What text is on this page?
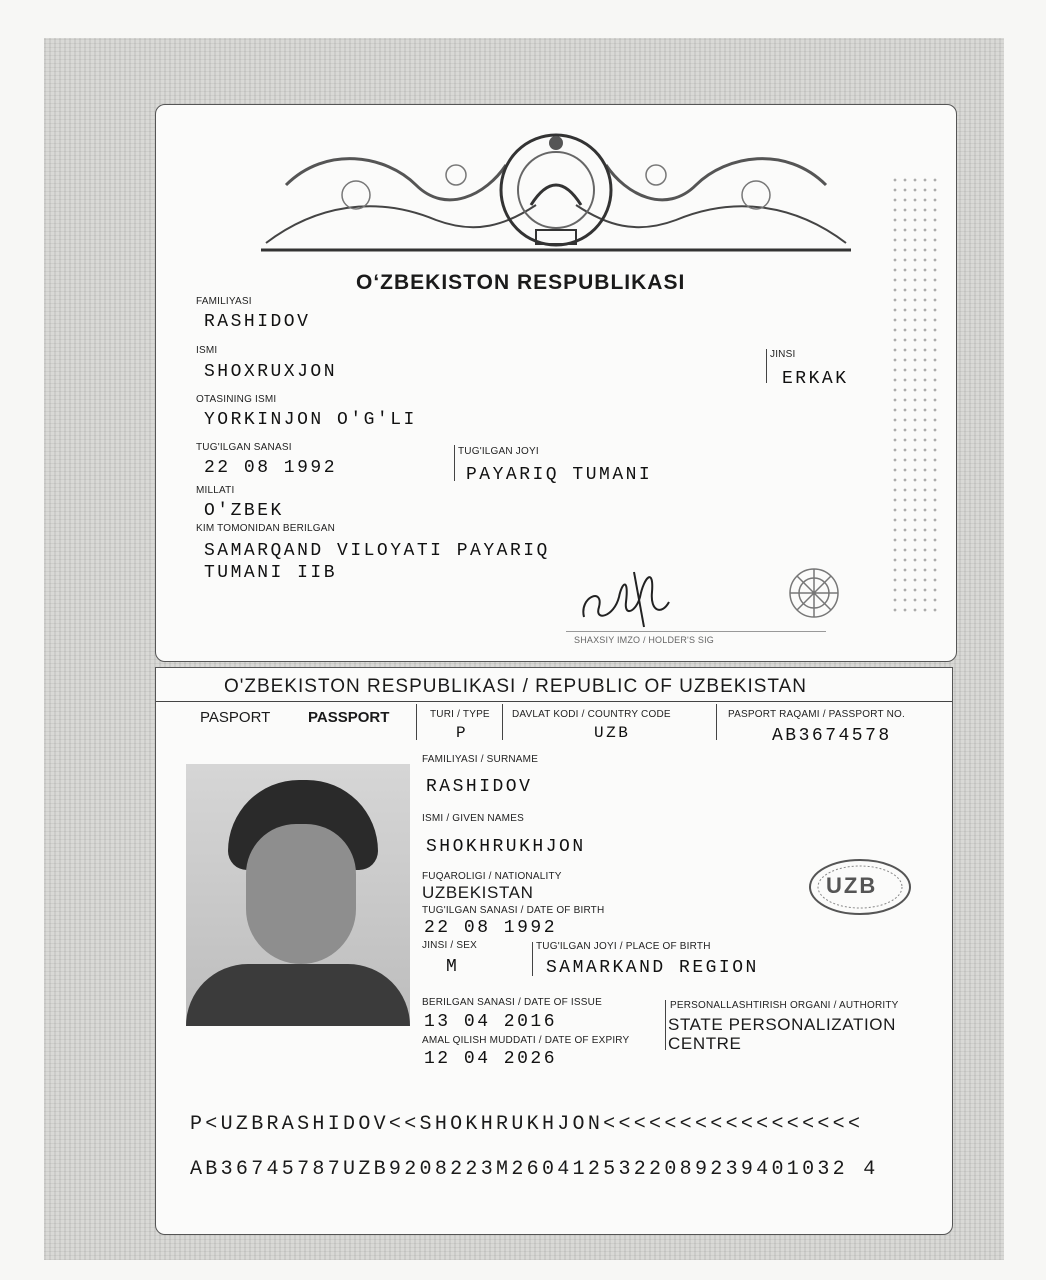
O‘ZBEKISTON RESPUBLIKASI
FAMILIYASI
RASHIDOV
ISMI
SHOXRUXJON
JINSI
ERKAK
OTASINING ISMI
YORKINJON O'G'LI
TUG'ILGAN SANASI
22 08 1992
TUG'ILGAN JOYI
PAYARIQ TUMANI
MILLATI
O'ZBEK
KIM TOMONIDAN BERILGAN
SAMARQAND VILOYATI PAYARIQ
TUMANI IIB
SHAXSIY IMZO / HOLDER'S SIG
O'ZBEKISTON RESPUBLIKASI / REPUBLIC OF UZBEKISTAN
PASPORT	PASSPORT	TURI / TYPE
P
DAVLAT KODI / COUNTRY CODE
UZB
PASPORT RAQAMI / PASSPORT NO.
AB3674578
FAMILIYASI / SURNAME
RASHIDOV
ISMI / GIVEN NAMES
SHOKHRUKHJON
FUQAROLIGI / NATIONALITY
UZBEKISTAN
TUG'ILGAN SANASI / DATE OF BIRTH
22 08 1992
JINSI / SEX
M
TUG'ILGAN JOYI / PLACE OF BIRTH
SAMARKAND REGION
UZB
BERILGAN SANASI / DATE OF ISSUE
13 04 2016
AMAL QILISH MUDDATI / DATE OF EXPIRY
12 04 2026
PERSONALLASHTIRISH ORGANI / AUTHORITY
STATE PERSONALIZATION
CENTRE
P<UZBRASHIDOV<<SHOKHRUKHJON<<<<<<<<<<<<<<<<<
AB36745787UZB9208223M2604125322089239401032 4
